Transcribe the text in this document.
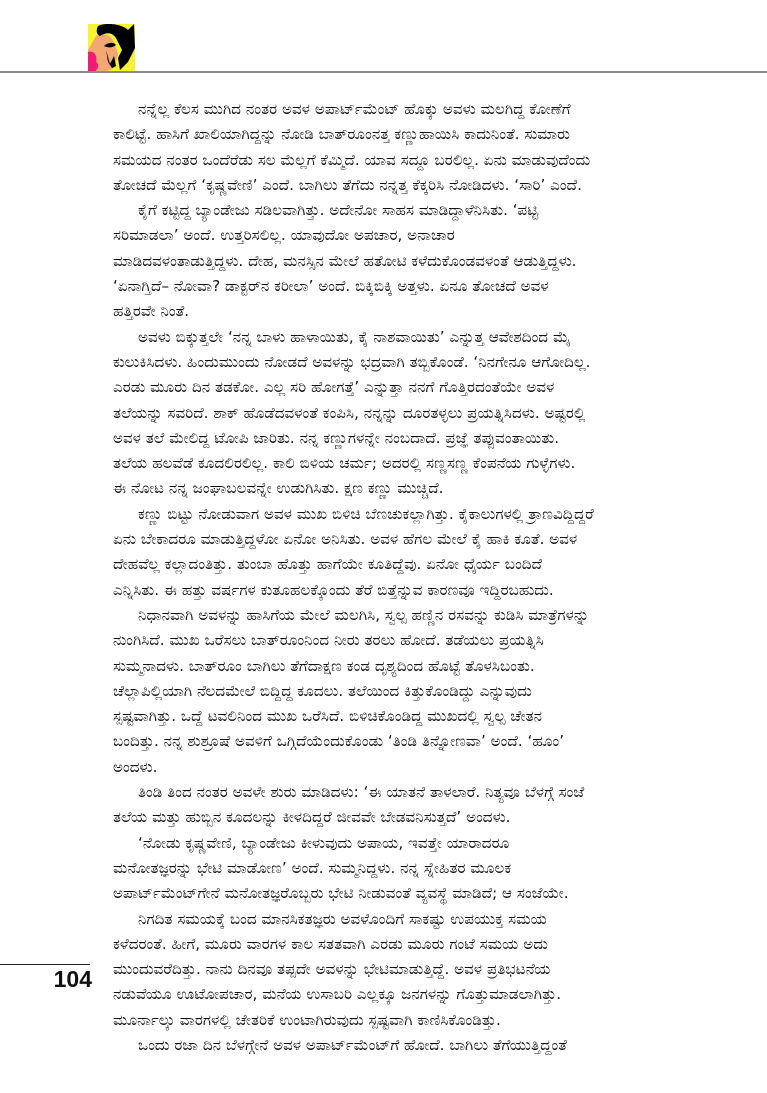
ನನ್ನೆಲ್ಲ ಕೆಲಸ ಮುಗಿದ ನಂತರ ಅವಳ ಅಪಾರ್ಟ್‌ಮೆಂಟ್ ಹೊಕ್ಕು ಅವಳು ಮಲಗಿದ್ದ ಕೋಣೆಗೆ
ಕಾಲಿಟ್ಟೆ. ಹಾಸಿಗೆ ಖಾಲಿಯಾಗಿದ್ದನ್ನು ನೋಡಿ ಬಾತ್‌ರೂಂನತ್ತ ಕಣ್ಣುಹಾಯಿಸಿ ಕಾದುನಿಂತೆ. ಸುಮಾರು
ಸಮಯದ ನಂತರ ಒಂದೆರೆಡು ಸಲ ಮೆಲ್ಲಗೆ ಕೆಮ್ಮಿದೆ. ಯಾವ ಸದ್ದೂ ಬರಲಿಲ್ಲ. ಏನು ಮಾಡುವುದೆಂದು
ತೋಚದೆ ಮೆಲ್ಲಗೆ ‘ಕೃಷ್ಣವೇಣಿ’ ಎಂದೆ. ಬಾಗಿಲು ತೆಗೆದು ನನ್ನತ್ತ ಕೆಕ್ಕರಿಸಿ ನೋಡಿದಳು. ‘ಸಾರಿ’ ಎಂದೆ.
ಕೈಗೆ ಕಟ್ಟಿದ್ದ ಬ್ಯಾಂಡೇಜು ಸಡಿಲವಾಗಿತ್ತು. ಅದೇನೋ ಸಾಹಸ ಮಾಡಿದ್ದಾಳೆನಿಸಿತು. ‘ಪಟ್ಟಿ
ಸರಿಮಾಡಲಾ’ ಅಂದೆ. ಉತ್ತರಿಸಲಿಲ್ಲ. ಯಾವುದೋ ಅಪಚಾರ, ಅನಾಚಾರ
ಮಾಡಿದವಳಂತಾಡುತ್ತಿದ್ದಳು. ದೇಹ, ಮನಸ್ಸಿನ ಮೇಲೆ ಹತೋಟಿ ಕಳೆದುಕೊಂಡವಳಂತೆ ಆಡುತ್ತಿದ್ದಳು.
‘ಏನಾಗ್ತಿದೆ– ನೋವಾ? ಡಾಕ್ಟರ್‌ನ ಕರೀಲಾ’ ಅಂದೆ. ಬಿಕ್ಕಿಬಿಕ್ಕಿ ಅತ್ತಳು. ಏನೂ ತೋಚದೆ ಅವಳ
ಹತ್ತಿರವೇ ನಿಂತೆ.
ಅವಳು ಬಿಕ್ಕುತ್ತಲೇ ‘ನನ್ನ ಬಾಳು ಹಾಳಾಯಿತು, ಕೈ ನಾಶವಾಯಿತು’ ಎನ್ನುತ್ತ ಆವೇಶದಿಂದ ಮೈ
ಕುಲುಕಿಸಿದಳು. ಹಿಂದುಮುಂದು ನೋಡದೆ ಅವಳನ್ನು ಭದ್ರವಾಗಿ ತಬ್ಬಿಕೊಂಡೆ. ‘ನಿನಗೇನೂ ಆಗೋದಿಲ್ಲ.
ಎರಡು ಮೂರು ದಿನ ತಡಕೋ. ಎಲ್ಲ ಸರಿ ಹೋಗತ್ತೆ’ ಎನ್ನುತ್ತಾ ನನಗೆ ಗೊತ್ತಿರದಂತೆಯೇ ಅವಳ
ತಲೆಯನ್ನು ಸವರಿದೆ. ಶಾಕ್ ಹೊಡೆದವಳಂತೆ ಕಂಪಿಸಿ, ನನ್ನನ್ನು ದೂರತಳ್ಳಲು ಪ್ರಯತ್ನಿಸಿದಳು. ಅಷ್ಟರಲ್ಲಿ
ಅವಳ ತಲೆ ಮೇಲಿದ್ದ ಟೋಪಿ ಜಾರಿತು. ನನ್ನ ಕಣ್ಣುಗಳನ್ನೇ ನಂಬದಾದೆ. ಪ್ರಜ್ಞೆ ತಪ್ಪುವಂತಾಯಿತು.
ತಲೆಯ ಹಲವೆಡೆ ಕೂದಲಿರಲಿಲ್ಲ. ಕಾಲಿ ಬಿಳಿಯ ಚರ್ಮ; ಅದರಲ್ಲಿ ಸಣ್ಣಸಣ್ಣ ಕೆಂಪನೆಯ ಗುಳ್ಳೆಗಳು.
ಈ ನೋಟ ನನ್ನ ಜಂಘಾಬಲವನ್ನೇ ಉಡುಗಿಸಿತು. ಕ್ಷಣ ಕಣ್ಣು ಮುಚ್ಚಿದೆ.
ಕಣ್ಣು ಬಿಟ್ಟು ನೋಡುವಾಗ ಅವಳ ಮುಖ ಬಿಳಿಚಿ ಬೆಣಚುಕಲ್ಲಾಗಿತ್ತು. ಕೈಕಾಲುಗಳಲ್ಲಿ ತ್ರಾಣವಿದ್ದಿದ್ದರೆ
ಏನು ಬೇಕಾದರೂ ಮಾಡುತ್ತಿದ್ದಳೋ ಏನೋ ಅನಿಸಿತು. ಅವಳ ಹೆಗಲ ಮೇಲೆ ಕೈ ಹಾಕಿ ಕೂತೆ. ಅವಳ
ದೇಹವೆಲ್ಲ ಕಲ್ಲಾದಂತಿತ್ತು. ತುಂಬಾ ಹೊತ್ತು ಹಾಗೆಯೇ ಕೂತಿದ್ದೆವು. ಏನೋ ಧೈರ್ಯ ಬಂದಿದೆ
ಎನ್ನಿಸಿತು. ಈ ಹತ್ತು ವರ್ಷಗಳ ಕುತೂಹಲಕ್ಕೊಂದು ತೆರೆ ಬಿತ್ತೆನ್ನುವ ಕಾರಣವೂ ಇದ್ದಿರಬಹುದು.
ನಿಧಾನವಾಗಿ ಅವಳನ್ನು ಹಾಸಿಗೆಯ ಮೇಲೆ ಮಲಗಿಸಿ, ಸ್ವಲ್ಪ ಹಣ್ಣಿನ ರಸವನ್ನು ಕುಡಿಸಿ ಮಾತ್ರೆಗಳನ್ನು
ನುಂಗಿಸಿದೆ. ಮುಖ ಒರೆಸಲು ಬಾತ್‌ರೂಂನಿಂದ ನೀರು ತರಲು ಹೋದೆ. ತಡೆಯಲು ಪ್ರಯತ್ನಿಸಿ
ಸುಮ್ಮನಾದಳು. ಬಾತ್‌ರೂಂ ಬಾಗಿಲು ತೆಗೆದಾಕ್ಷಣ ಕಂಡ ದೃಶ್ಯದಿಂದ ಹೊಟ್ಟೆ ತೊಳಸಿಬಂತು.
ಚೆಲ್ಲಾಪಿಲ್ಲಿಯಾಗಿ ನೆಲದಮೇಲೆ ಬಿದ್ದಿದ್ದ ಕೂದಲು. ತಲೆಯಿಂದ ಕಿತ್ತುಕೊಂಡಿದ್ದು ಎನ್ನುವುದು
ಸ್ಪಷ್ಟವಾಗಿತ್ತು. ಒದ್ದೆ ಟವಲಿನಿಂದ ಮುಖ ಒರೆಸಿದೆ. ಬಿಳಿಚಿಕೊಂಡಿದ್ದ ಮುಖದಲ್ಲಿ ಸ್ವಲ್ಪ ಚೇತನ
ಬಂದಿತ್ತು. ನನ್ನ ಶುಶ್ರೂಷೆ ಅವಳಿಗೆ ಒಗ್ಗಿದೆಯೆಂದುಕೊಂಡು ‘ತಿಂಡಿ ತಿನ್ನೋಣವಾ’ ಅಂದೆ. ‘ಹೂಂ’
ಅಂದಳು.
ತಿಂಡಿ ತಿಂದ ನಂತರ ಅವಳೇ ಶುರು ಮಾಡಿದಳು: ‘ಈ ಯಾತನೆ ತಾಳಲಾರೆ. ನಿತ್ಯವೂ ಬೆಳಗ್ಗೆ ಸಂಜೆ
ತಲೆಯ ಮತ್ತು ಹುಬ್ಬಿನ ಕೂದಲನ್ನು ಕೀಳದಿದ್ದರೆ ಜೀವವೇ ಬೇಡವನಿಸುತ್ತದೆ’ ಅಂದಳು.
‘ನೋಡು ಕೃಷ್ಣವೇಣಿ, ಬ್ಯಾಂಡೇಜು ಕೀಳುವುದು ಅಪಾಯ, ಇವತ್ತೇ ಯಾರಾದರೂ
ಮನೋತಜ್ಞರನ್ನು ಭೇಟಿ ಮಾಡೋಣ’ ಅಂದೆ. ಸುಮ್ಮನಿದ್ದಳು. ನನ್ನ ಸ್ನೇಹಿತರ ಮೂಲಕ
ಅಪಾರ್ಟ್‌ಮೆಂಟ್‌ಗೇನೆ ಮನೋತಜ್ಞರೊಬ್ಬರು ಭೇಟಿ ನೀಡುವಂತೆ ವ್ಯವಸ್ಥೆ ಮಾಡಿದೆ; ಆ ಸಂಜೆಯೇ.
ನಿಗದಿತ ಸಮಯಕ್ಕೆ ಬಂದ ಮಾನಸಿಕತಜ್ಞರು ಅವಳೊಂದಿಗೆ ಸಾಕಷ್ಟು ಉಪಯುಕ್ತ ಸಮಯ
ಕಳೆದರಂತೆ. ಹೀಗೆ, ಮೂರು ವಾರಗಳ ಕಾಲ ಸತತವಾಗಿ ಎರಡು ಮೂರು ಗಂಟೆ ಸಮಯ ಅದು
ಮುಂದುವರೆದಿತ್ತು. ನಾನು ದಿನವೂ ತಪ್ಪದೇ ಅವಳನ್ನು ಭೇಟಿಮಾಡುತ್ತಿದ್ದೆ. ಅವಳ ಪ್ರತಿಭಟನೆಯ
ನಡುವೆಯೂ ಊಟೋಪಚಾರ, ಮನೆಯ ಉಸಾಬರಿ ಎಲ್ಲಕ್ಕೂ ಜನಗಳನ್ನು ಗೊತ್ತುಮಾಡಲಾಗಿತ್ತು.
ಮೂರ್ನಾಲ್ಕು ವಾರಗಳಲ್ಲಿ ಚೇತರಿಕೆ ಉಂಟಾಗಿರುವುದು ಸ್ಪಷ್ಟವಾಗಿ ಕಾಣಿಸಿಕೊಂಡಿತ್ತು.
ಒಂದು ರಜಾ ದಿನ ಬೆಳಗ್ಗೇನೆ ಅವಳ ಅಪಾರ್ಟ್‌ಮೆಂಟ್‌ಗೆ ಹೋದೆ. ಬಾಗಿಲು ತೆಗೆಯುತ್ತಿದ್ದಂತೆ
104
